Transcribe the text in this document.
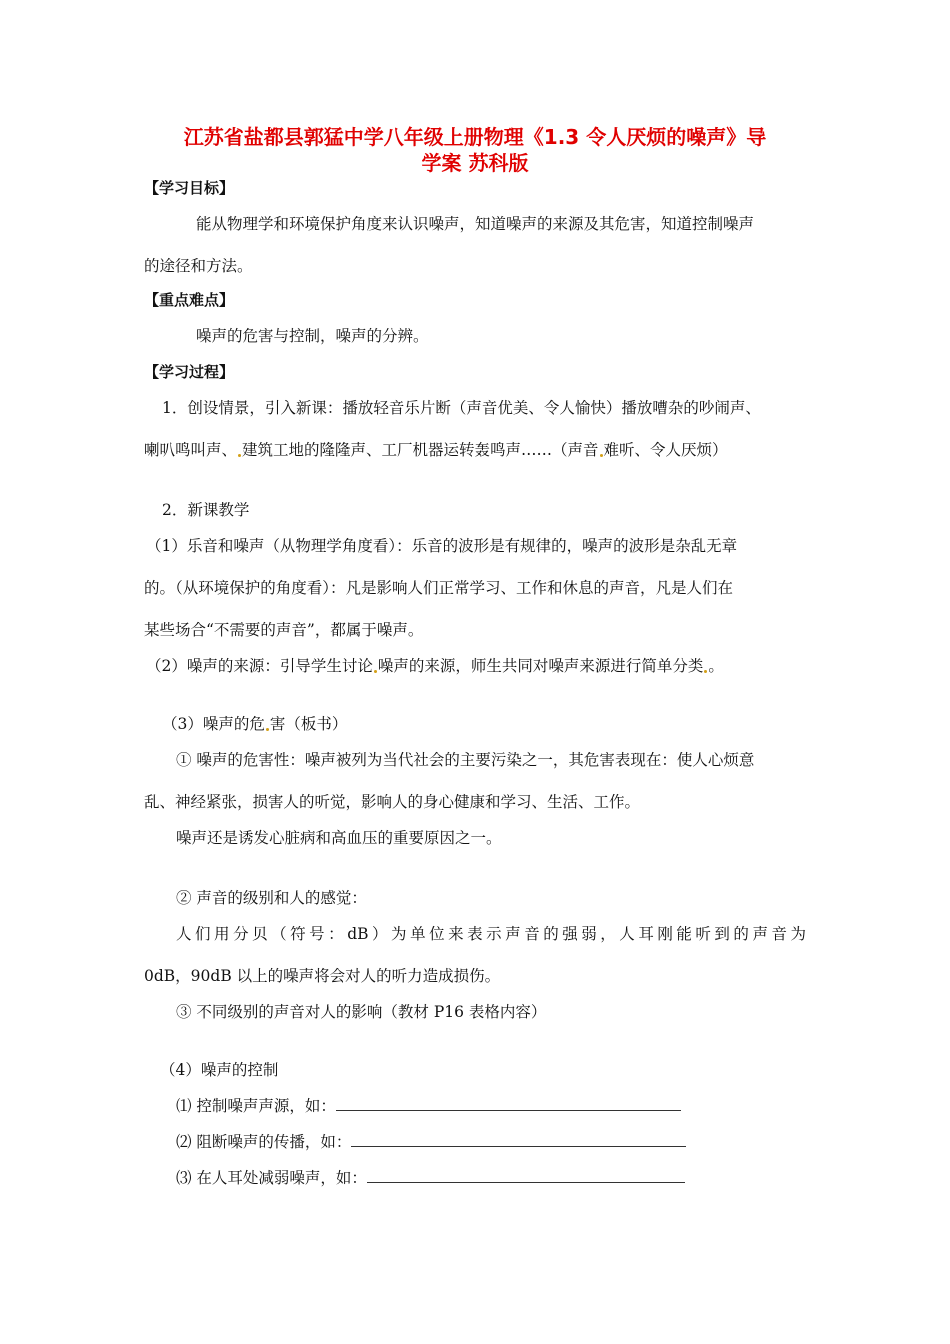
江苏省盐都县郭猛中学八年级上册物理《1.3 令人厌烦的噪声》导
学案 苏科版
【学习目标】
能从物理学和环境保护角度来认识噪声，知道噪声的来源及其危害，知道控制噪声
的途径和方法。
【重点难点】
噪声的危害与控制，噪声的分辨。
【学习过程】
1．创设情景，引入新课：播放轻音乐片断（声音优美、令人愉快）播放嘈杂的吵闹声、
喇叭鸣叫声、 建筑工地的隆隆声、工厂机器运转轰鸣声……（声音 难听、令人厌烦）
2．新课教学
（1）乐音和噪声（从物理学角度看）：乐音的波形是有规律的，噪声的波形是杂乱无章
的。（从环境保护的角度看）：凡是影响人们正常学习、工作和休息的声音，凡是人们在
某些场合“不需要的声音”，都属于噪声。
（2）噪声的来源：引导学生讨论 噪声的来源，师生共同对噪声来源进行简单分类 。
（3）噪声的危 害（板书）
① 噪声的危害性：噪声被列为当代社会的主要污染之一，其危害表现在：使人心烦意
乱、神经紧张，损害人的听觉，影响人的身心健康和学习、生活、工作。
噪声还是诱发心脏病和高血压的重要原因之一。
② 声音的级别和人的感觉：
人们用分贝（符号：dB）为单位来表示声音的强弱，人耳刚能听到的声音为
0dB，90dB 以上的噪声将会对人的听力造成损伤。
③ 不同级别的声音对人的影响（教材 P16 表格内容）
（4）噪声的控制
⑴ 控制噪声声源，如：
⑵ 阻断噪声的传播，如：
⑶ 在人耳处减弱噪声，如：
